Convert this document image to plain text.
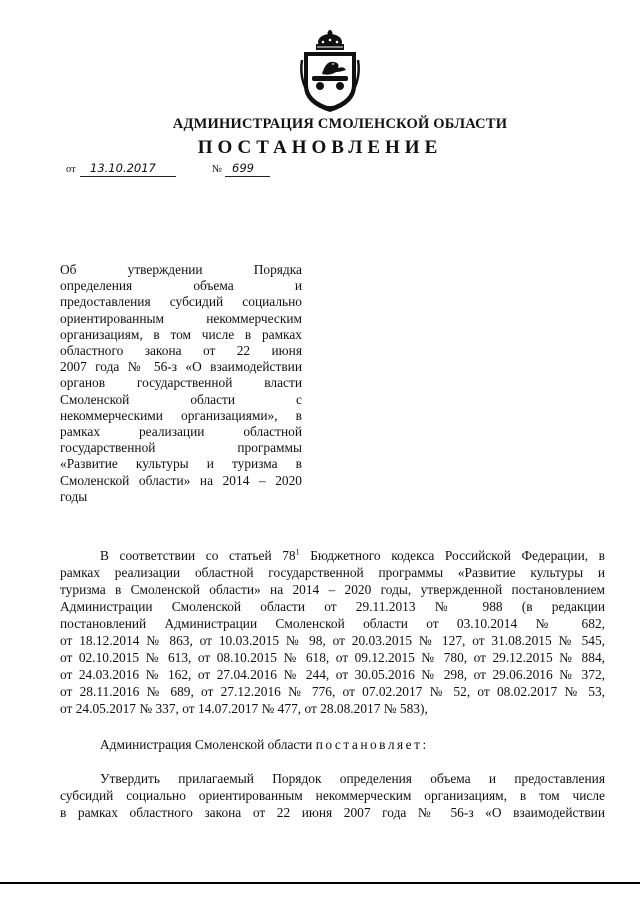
АДМИНИСТРАЦИЯ СМОЛЕНСКОЙ ОБЛАСТИ
ПОСТАНОВЛЕНИЕ
от 13.10.2017	№ 699
Об утверждении Порядка
определения объема и
предоставления субсидий социально
ориентированным некоммерческим
организациям, в том числе в рамках
областного закона от 22 июня
2007 года № 56-з «О взаимодействии
органов государственной власти
Смоленской области с
некоммерческими организациями», в
рамках реализации областной
государственной программы
«Развитие культуры и туризма в
Смоленской области» на 2014 – 2020
годы
В соответствии со статьей $78^1$ Бюджетного кодекса Российской Федерации, в
рамках реализации областной государственной программы «Развитие культуры и
туризма в Смоленской области» на 2014 – 2020 годы, утвержденной постановлением
Администрации Смоленской области от 29.11.2013 № 988 (в редакции
постановлений Администрации Смоленской области от 03.10.2014 № 682,
от 18.12.2014 № 863, от 10.03.2015 № 98, от 20.03.2015 № 127, от 31.08.2015 № 545,
от 02.10.2015 № 613, от 08.10.2015 № 618, от 09.12.2015 № 780, от 29.12.2015 № 884,
от 24.03.2016 № 162, от 27.04.2016 № 244, от 30.05.2016 № 298, от 29.06.2016 № 372,
от 28.11.2016 № 689, от 27.12.2016 № 776, от 07.02.2017 № 52, от 08.02.2017 № 53,
от 24.05.2017 № 337, от 14.07.2017 № 477, от 28.08.2017 № 583),
Администрация Смоленской области постановляет:
Утвердить прилагаемый Порядок определения объема и предоставления
субсидий социально ориентированным некоммерческим организациям, в том числе
в рамках областного закона от 22 июня 2007 года № 56-з «О взаимодействии
